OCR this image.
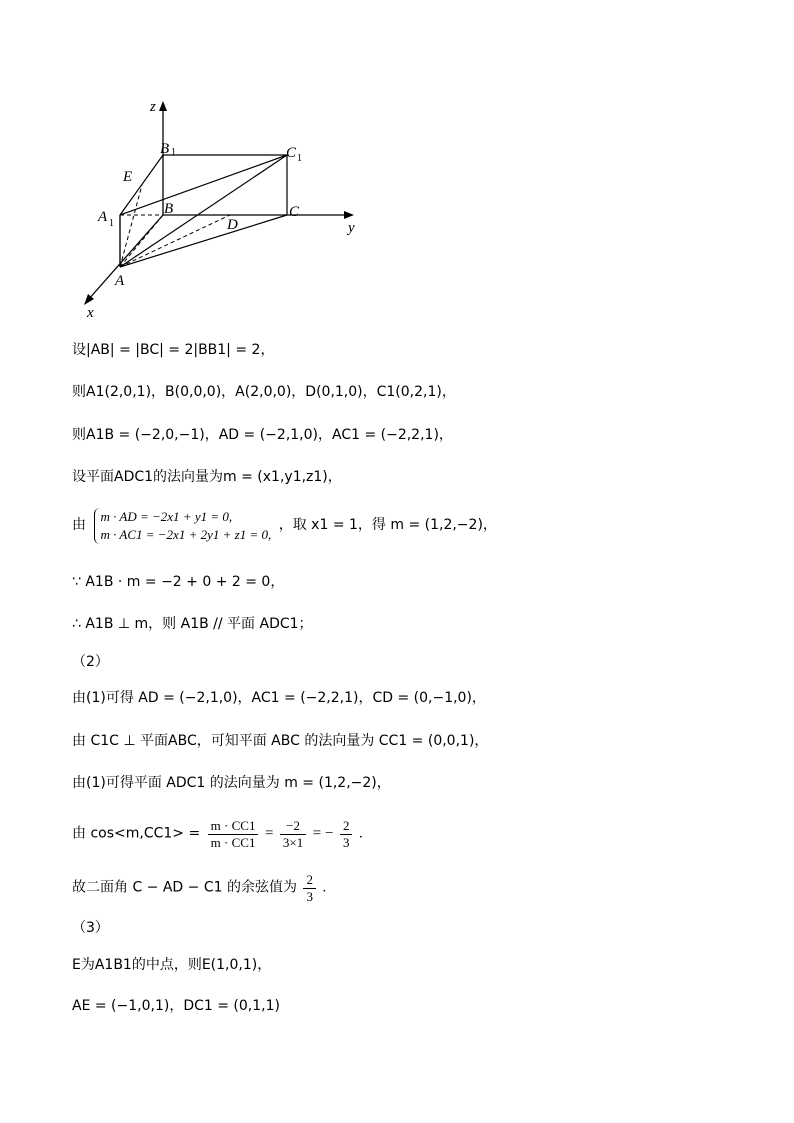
z
B 1	C 1
E
B
A 1
C
y
D
A
x
设|AB| = |BC| = 2|BB1| = 2，
则A1(2,0,1)，B(0,0,0)，A(2,0,0)，D(0,1,0)，C1(0,2,1)，
则A1B = (−2,0,−1)，AD = (−2,1,0)，AC1 = (−2,2,1)，
设平面ADC1的法向量为m = (x1,y1,z1)，
由
m · AD = −2x1 + y1 = 0,
m · AC1 = −2x1 + 2y1 + z1 = 0,
，取 x1 = 1，得 m = (1,2,−2)，
∵ A1B · m = −2 + 0 + 2 = 0，
∴ A1B ⊥ m，则 A1B // 平面 ADC1；
（2）
由(1)可得 AD = (−2,1,0)，AC1 = (−2,2,1)，CD = (0,−1,0)，
由 C1C ⊥ 平面ABC，可知平面 ABC 的法向量为 CC1 = (0,0,1)，
由(1)可得平面 ADC1 的法向量为 m = (1,2,−2)，
由 $\cos<m,CC1> = \frac{m \cdot CC1}{m \cdot CC1} = \frac{-2}{3\times 1}$ = − $\frac{2}{3}$ .
故二面角 C − AD − C1 的余弦值为 $\frac{2}{3}$ .
（3）
E为A1B1的中点，则E(1,0,1)，
AE = (−1,0,1)，DC1 = (0,1,1)
